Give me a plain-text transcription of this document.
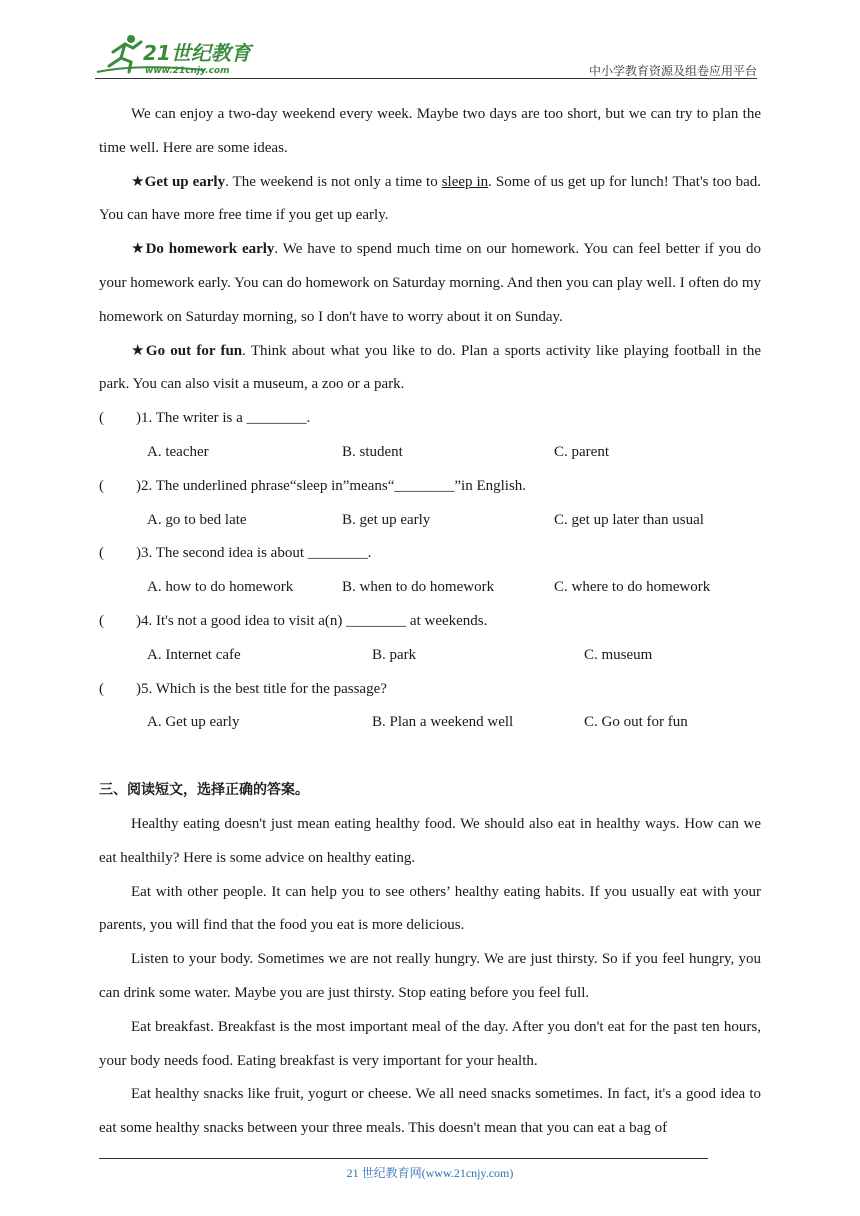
21世纪教育
www.21cnjy.com	中小学教育资源及组卷应用平台

We can enjoy a two-day weekend every week. Maybe two days are too short, but we can try to plan the time well. Here are some ideas.

★Get up early. The weekend is not only a time to sleep in. Some of us get up for lunch! That's too bad. You can have more free time if you get up early.

★Do homework early. We have to spend much time on our homework. You can feel better if you do your homework early. You can do homework on Saturday morning. And then you can play well. I often do my homework on Saturday morning, so I don't have to worry about it on Sunday.

★Go out for fun. Think about what you like to do. Plan a sports activity like playing football in the park. You can also visit a museum, a zoo or a park.

( )1. The writer is a ________.

A. teacher	B. student	C. parent

( )2. The underlined phrase“sleep in”means“________”in English.

A. go to bed late	B. get up early	C. get up later than usual

( )3. The second idea is about ________.

A. how to do homework	B. when to do homework	C. where to do homework

( )4. It's not a good idea to visit a(n) ________ at weekends.

A. Internet cafe	B. park	C. museum

( )5. Which is the best title for the passage?

A. Get up early	B. Plan a weekend well	C. Go out for fun

三、阅读短文，选择正确的答案。

Healthy eating doesn't just mean eating healthy food. We should also eat in healthy ways. How can we eat healthily? Here is some advice on healthy eating.

Eat with other people. It can help you to see others’ healthy eating habits. If you usually eat with your parents, you will find that the food you eat is more delicious.

Listen to your body. Sometimes we are not really hungry. We are just thirsty. So if you feel hungry, you can drink some water. Maybe you are just thirsty. Stop eating before you feel full.

Eat breakfast. Breakfast is the most important meal of the day. After you don't eat for the past ten hours, your body needs food. Eating breakfast is very important for your health.

Eat healthy snacks like fruit, yogurt or cheese. We all need snacks sometimes. In fact, it's a good idea to eat some healthy snacks between your three meals. This doesn't mean that you can eat a bag of

21 世纪教育网(www.21cnjy.com)
